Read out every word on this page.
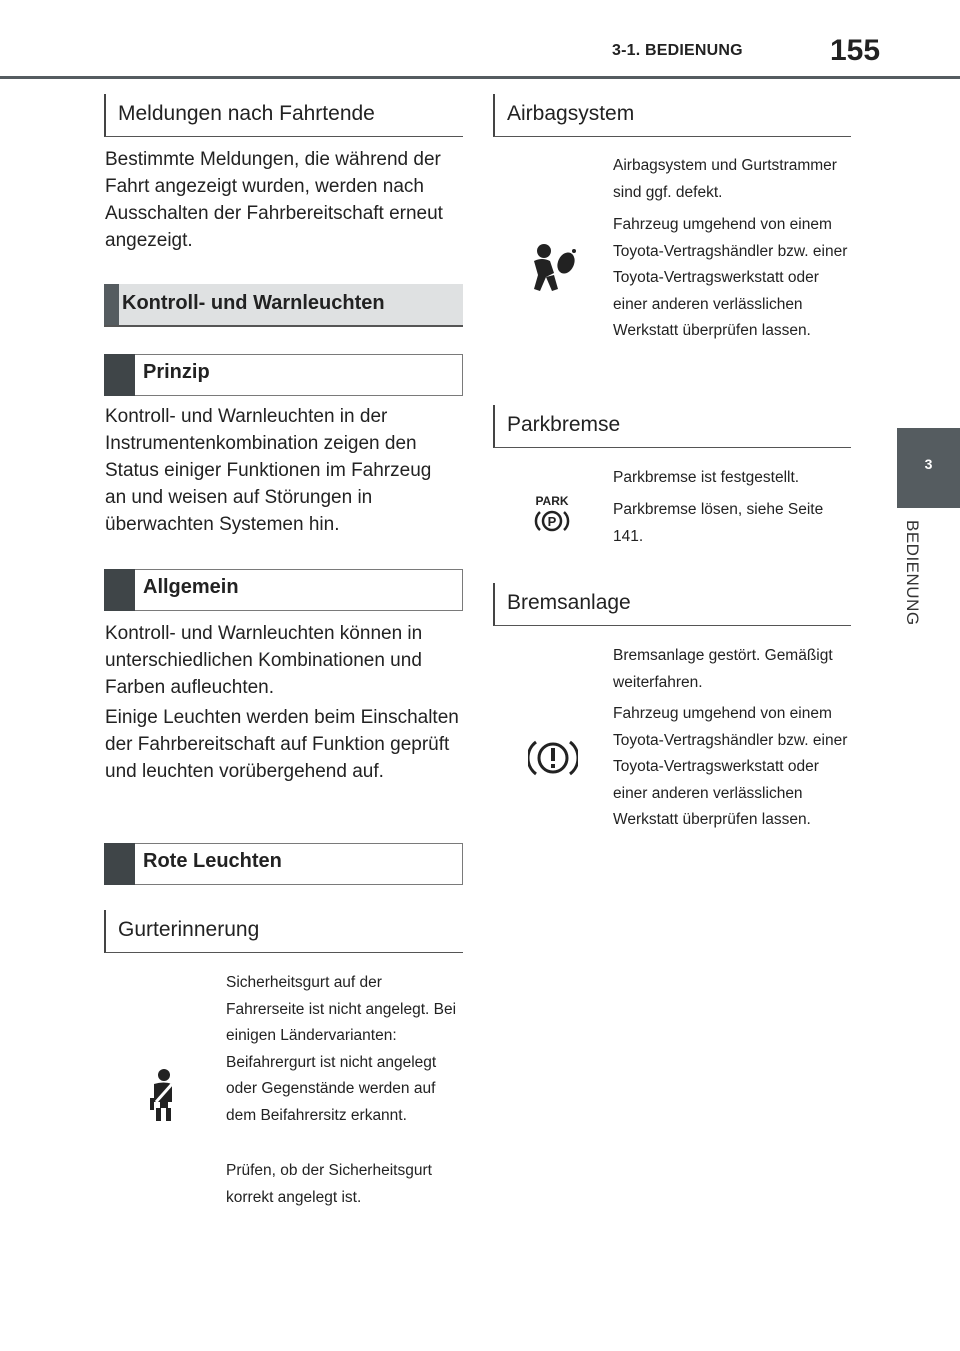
3-1. BEDIENUNG	155
3
BEDIENUNG
Meldungen nach Fahrtende

Bestimmte Meldungen, die während der Fahrt angezeigt wurden, werden nach Ausschalten der Fahrbereitschaft erneut angezeigt.

Kontroll- und Warnleuchten
Prinzip

Kontroll- und Warnleuchten in der Instrumentenkombination zeigen den Status einiger Funktionen im Fahrzeug an und weisen auf Störungen in überwachten Systemen hin.

Allgemein

Kontroll- und Warnleuchten können in unterschiedlichen Kombinationen und Farben aufleuchten.

Einige Leuchten werden beim Einschalten der Fahrbereitschaft auf Funktion geprüft und leuchten vorübergehend auf.

Rote Leuchten
Gurterinnerung

Sicherheitsgurt auf der Fahrerseite ist nicht angelegt. Bei einigen Ländervarianten: Beifahrergurt ist nicht angelegt oder Gegenstände werden auf dem Beifahrersitz erkannt.

Prüfen, ob der Sicherheitsgurt korrekt angelegt ist.

Airbagsystem

Airbagsystem und Gurtstrammer sind ggf. defekt.

Fahrzeug umgehend von einem Toyota-Vertragshändler bzw. einer Toyota-Vertragswerkstatt oder einer anderen verlässlichen Werkstatt überprüfen lassen.

Parkbremse
PARK
P

Parkbremse ist festgestellt.

Parkbremse lösen, siehe Seite 141.

Bremsanlage

Bremsanlage gestört. Gemäßigt weiterfahren.

Fahrzeug umgehend von einem Toyota-Vertragshändler bzw. einer Toyota-Vertragswerkstatt oder einer anderen verlässlichen Werkstatt überprüfen lassen.
